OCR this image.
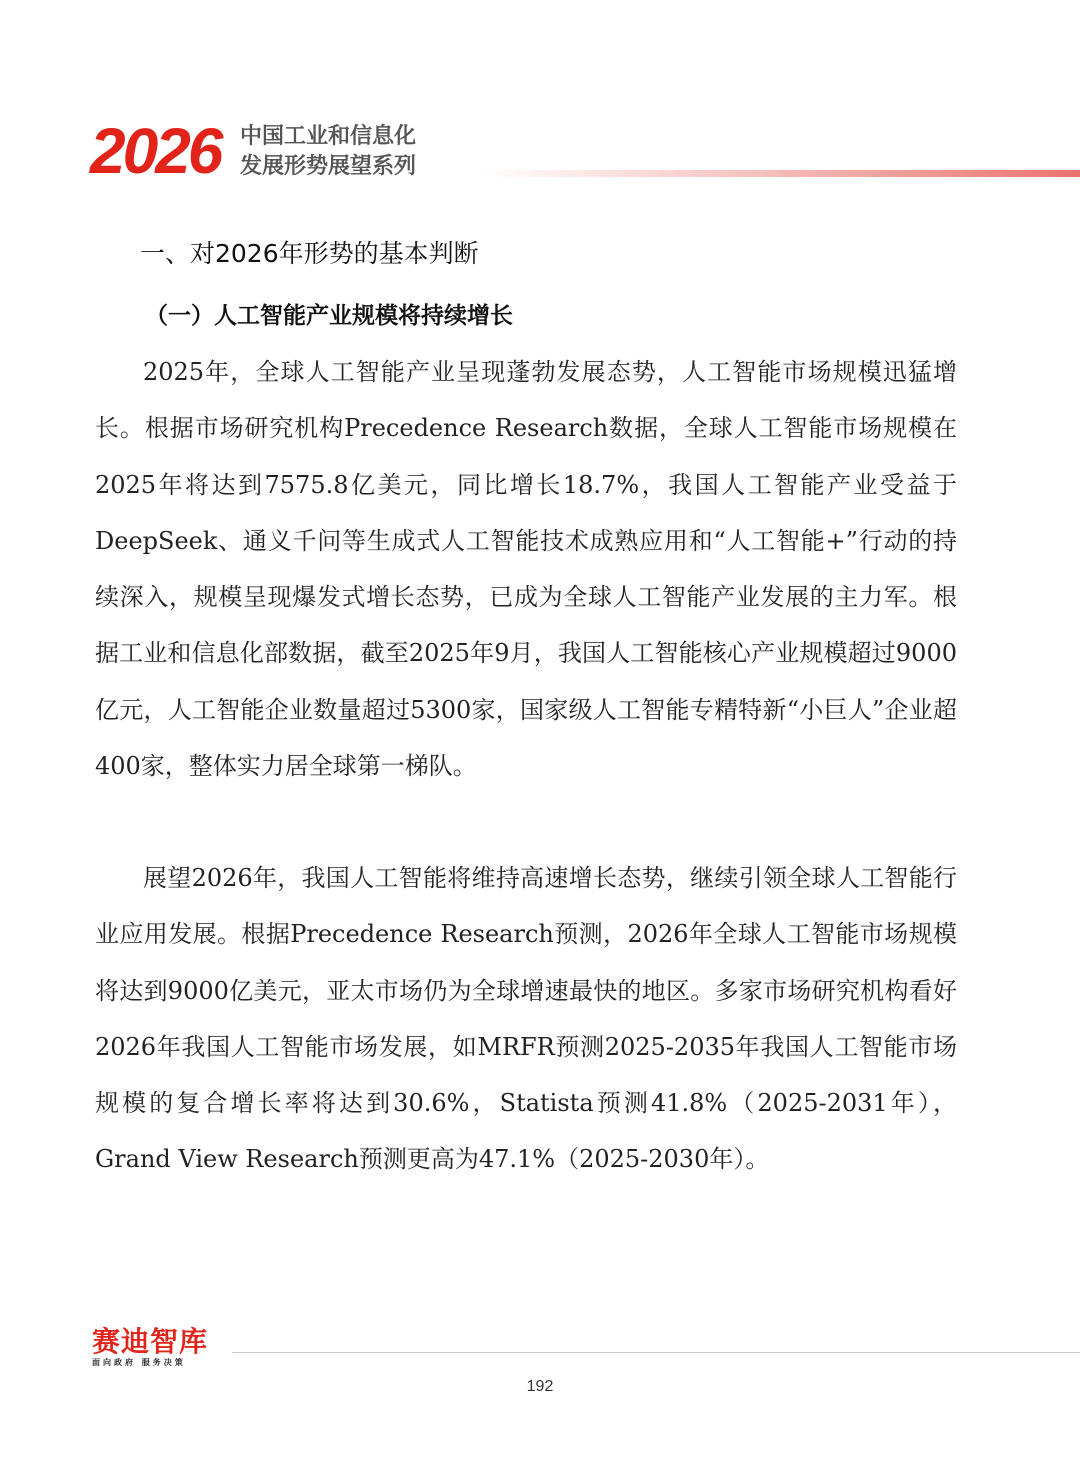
2026 中国工业和信息化
发展形势展望系列
一、对2026年形势的基本判断
（一）人工智能产业规模将持续增长

2025年，全球人工智能产业呈现蓬勃发展态势，人工智能市场规模迅猛增长。根据市场研究机构Precedence Research数据，全球人工智能市场规模在2025年将达到7575.8亿美元，同比增长18.7%，我国人工智能产业受益于DeepSeek、通义千问等生成式人工智能技术成熟应用和“人工智能+”行动的持续深入，规模呈现爆发式增长态势，已成为全球人工智能产业发展的主力军。根据工业和信息化部数据，截至2025年9月，我国人工智能核心产业规模超过9000亿元，人工智能企业数量超过5300家，国家级人工智能专精特新“小巨人”企业超400家，整体实力居全球第一梯队。

展望2026年，我国人工智能将维持高速增长态势，继续引领全球人工智能行业应用发展。根据Precedence Research预测，2026年全球人工智能市场规模将达到9000亿美元，亚太市场仍为全球增速最快的地区。多家市场研究机构看好2026年我国人工智能市场发展，如MRFR预测2025-2035年我国人工智能市场规模的复合增长率将达到30.6%，Statista预测41.8%（2025-2031年），Grand View Research预测更高为47.1%（2025-2030年）。

赛迪智库
面向政府 服务决策
192
